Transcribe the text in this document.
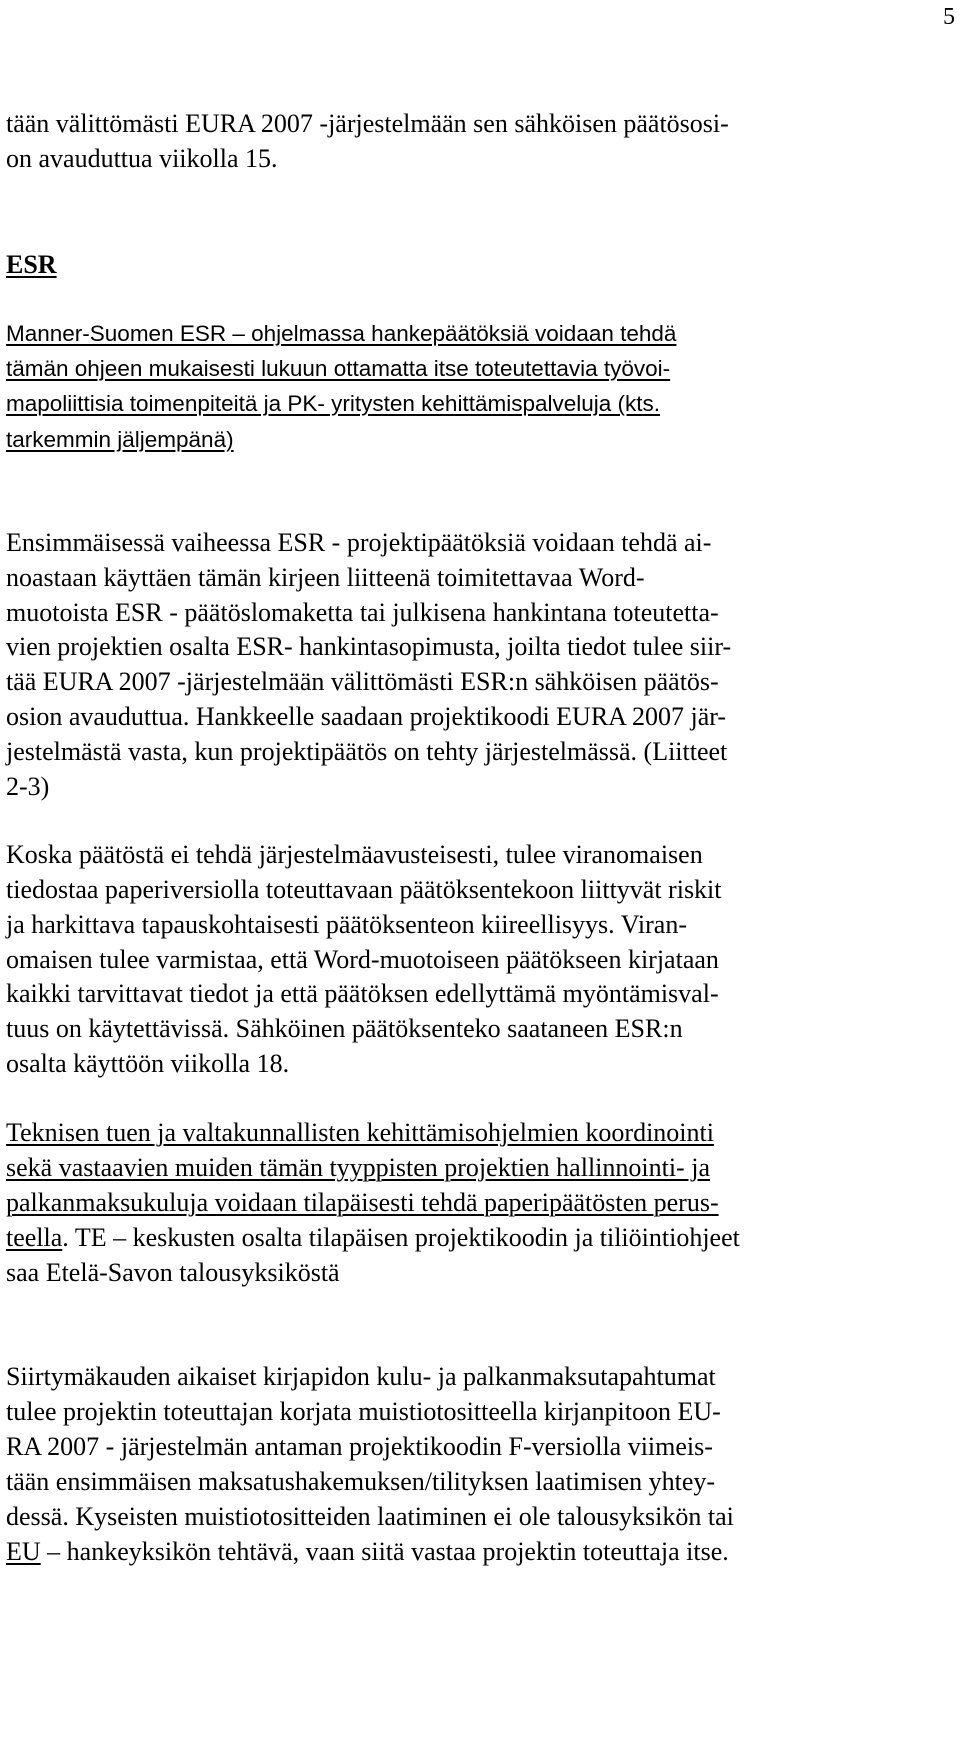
5
tään välittömästi EURA 2007 -järjestelmään sen sähköisen päätösosi-
on avauduttua viikolla 15.
ESR
Manner-Suomen ESR – ohjelmassa hankepäätöksiä voidaan tehdä
tämän ohjeen mukaisesti lukuun ottamatta itse toteutettavia työvoi-
mapoliittisia toimenpiteitä ja PK- yritysten kehittämispalveluja (kts.
tarkemmin jäljempänä)
Ensimmäisessä vaiheessa ESR - projektipäätöksiä voidaan tehdä ai-
noastaan käyttäen tämän kirjeen liitteenä toimitettavaa Word-
muotoista ESR - päätöslomaketta tai julkisena hankintana toteutetta-
vien projektien osalta ESR- hankintasopimusta, joilta tiedot tulee siir-
tää EURA 2007 -järjestelmään välittömästi ESR:n sähköisen päätös-
osion avauduttua. Hankkeelle saadaan projektikoodi EURA 2007 jär-
jestelmästä vasta, kun projektipäätös on tehty järjestelmässä. (Liitteet
2-3)
Koska päätöstä ei tehdä järjestelmäavusteisesti, tulee viranomaisen
tiedostaa paperiversiolla toteuttavaan päätöksentekoon liittyvät riskit
ja harkittava tapauskohtaisesti päätöksenteon kiireellisyys. Viran-
omaisen tulee varmistaa, että Word-muotoiseen päätökseen kirjataan
kaikki tarvittavat tiedot ja että päätöksen edellyttämä myöntämisval-
tuus on käytettävissä. Sähköinen päätöksenteko saataneen ESR:n
osalta käyttöön viikolla 18.
Teknisen tuen ja valtakunnallisten kehittämisohjelmien koordinointi
sekä vastaavien muiden tämän tyyppisten projektien hallinnointi- ja
palkanmaksukuluja voidaan tilapäisesti tehdä paperipäätösten perus-
teella. TE – keskusten osalta tilapäisen projektikoodin ja tiliöintiohjeet
saa Etelä-Savon talousyksiköstä
Siirtymäkauden aikaiset kirjapidon kulu- ja palkanmaksutapahtumat
tulee projektin toteuttajan korjata muistiotositteella kirjanpitoon EU-
RA 2007 - järjestelmän antaman projektikoodin F-versiolla viimeis-
tään ensimmäisen maksatushakemuksen/tilityksen laatimisen yhtey-
dessä. Kyseisten muistiotositteiden laatiminen ei ole talousyksikön tai
EU – hankeyksikön tehtävä, vaan siitä vastaa projektin toteuttaja itse.
